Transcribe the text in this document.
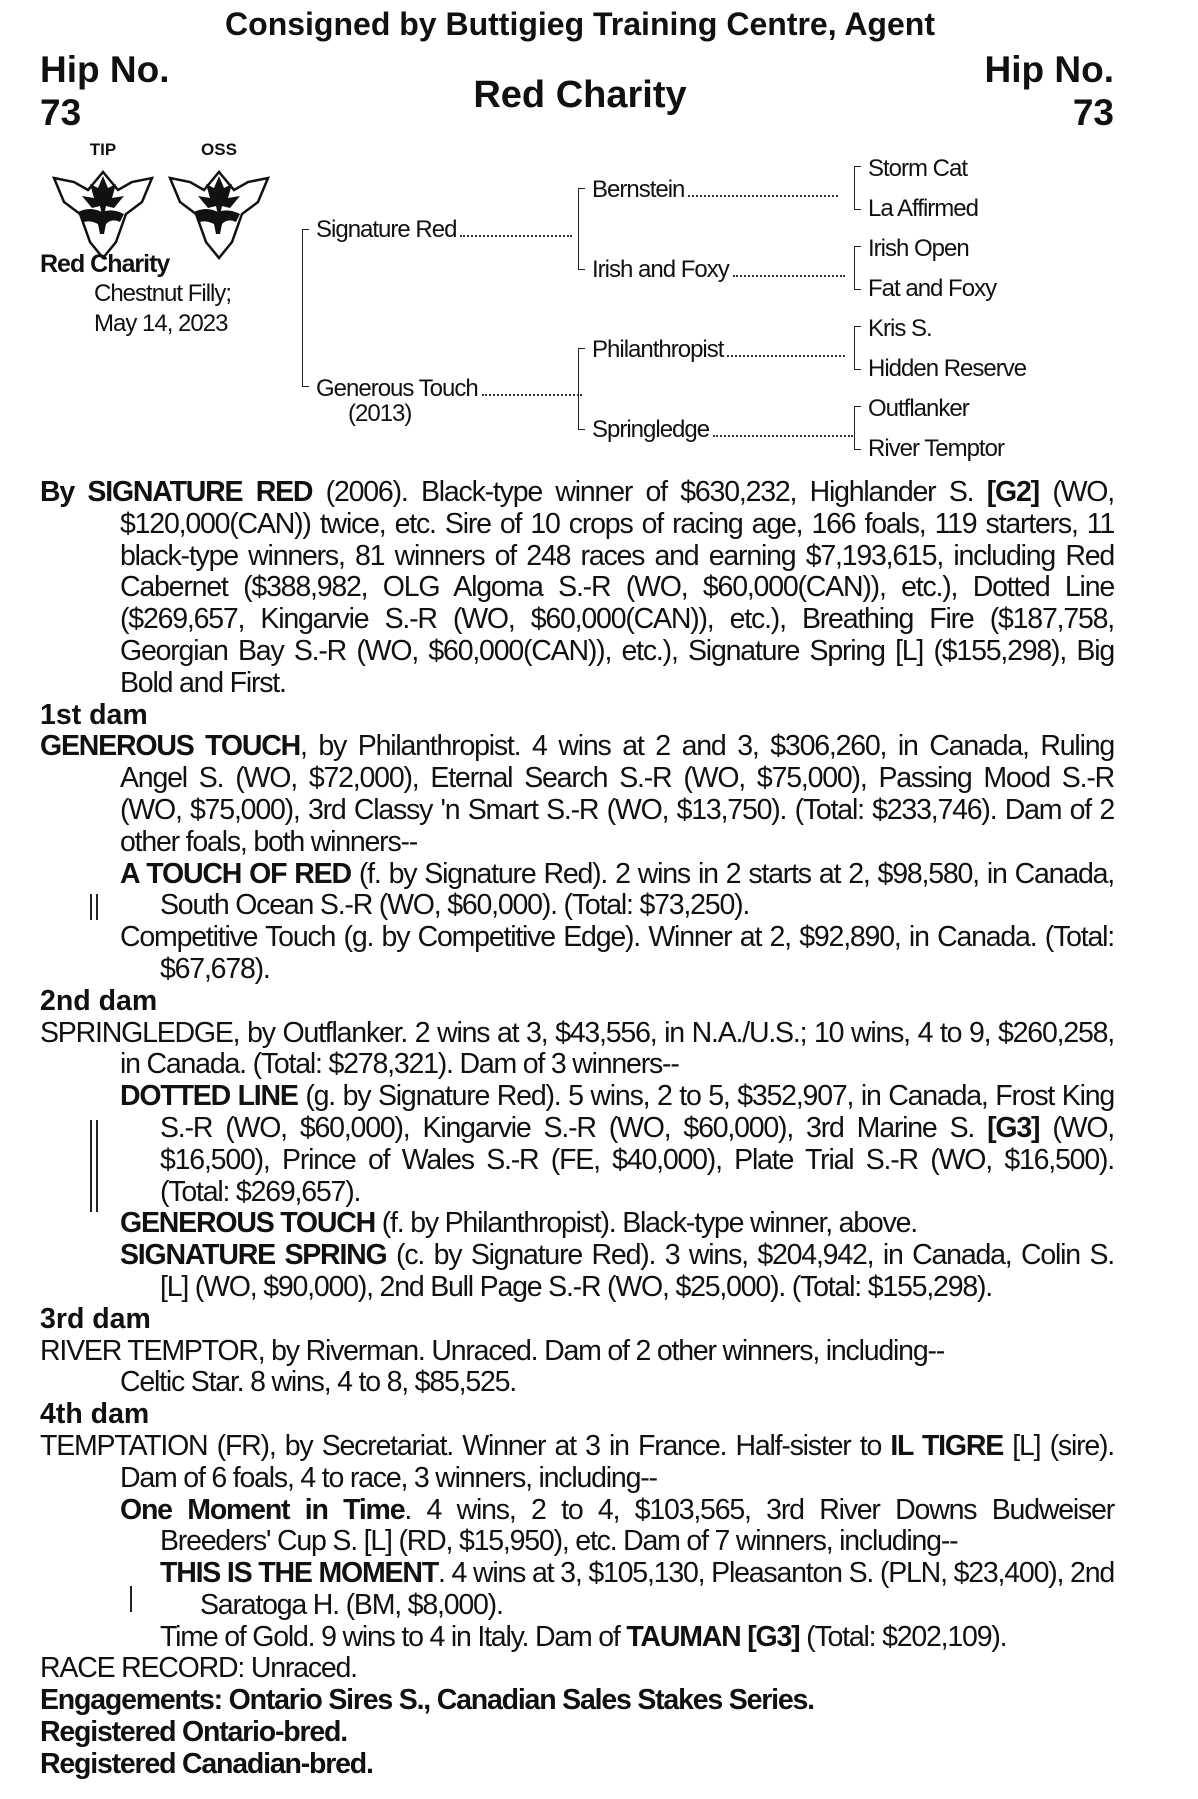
Consigned by Buttigieg Training Centre, Agent
Hip No.
73
Hip No.
73
Red Charity
TIP	OSS
Red Charity
Chestnut Filly;
May 14, 2023
Signature Red
Generous Touch
(2013)
Bernstein
Irish and Foxy
Philanthropist
Springledge
Storm Cat
La Affirmed
Irish Open
Fat and Foxy
Kris S.
Hidden Reserve
Outflanker
River Temptor
By SIGNATURE RED (2006). Black-type winner of $630,232, Highlander S. [G2] (WO, $120,000(CAN)) twice, etc. Sire of 10 crops of racing age, 166 foals, 119 starters, 11 black-type winners, 81 winners of 248 races and earning $7,193,615, including Red Cabernet ($388,982, OLG Algoma S.-R (WO, $60,000(CAN)), etc.), Dotted Line ($269,657, Kingarvie S.-R (WO, $60,000(CAN)), etc.), Breathing Fire ($187,758, Georgian Bay S.-R (WO, $60,000(CAN)), etc.), Signature Spring [L] ($155,298), Big Bold and First.
1st dam
GENEROUS TOUCH, by Philanthropist. 4 wins at 2 and 3, $306,260, in Canada, Ruling Angel S. (WO, $72,000), Eternal Search S.-R (WO, $75,000), Passing Mood S.-R (WO, $75,000), 3rd Classy 'n Smart S.-R (WO, $13,750). (Total: $233,746). Dam of 2 other foals, both winners--
A TOUCH OF RED (f. by Signature Red). 2 wins in 2 starts at 2, $98,580, in Canada, South Ocean S.-R (WO, $60,000). (Total: $73,250).
Competitive Touch (g. by Competitive Edge). Winner at 2, $92,890, in Canada. (Total: $67,678).
2nd dam
SPRINGLEDGE, by Outflanker. 2 wins at 3, $43,556, in N.A./U.S.; 10 wins, 4 to 9, $260,258, in Canada. (Total: $278,321). Dam of 3 winners--
DOTTED LINE (g. by Signature Red). 5 wins, 2 to 5, $352,907, in Canada, Frost King S.-R (WO, $60,000), Kingarvie S.-R (WO, $60,000), 3rd Marine S. [G3] (WO, $16,500), Prince of Wales S.-R (FE, $40,000), Plate Trial S.-R (WO, $16,500). (Total: $269,657).
GENEROUS TOUCH (f. by Philanthropist). Black-type winner, above.
SIGNATURE SPRING (c. by Signature Red). 3 wins, $204,942, in Canada, Colin S. [L] (WO, $90,000), 2nd Bull Page S.-R (WO, $25,000). (Total: $155,298).
3rd dam
RIVER TEMPTOR, by Riverman. Unraced. Dam of 2 other winners, including--
Celtic Star. 8 wins, 4 to 8, $85,525.
4th dam
TEMPTATION (FR), by Secretariat. Winner at 3 in France. Half-sister to IL TIGRE [L] (sire). Dam of 6 foals, 4 to race, 3 winners, including--
One Moment in Time. 4 wins, 2 to 4, $103,565, 3rd River Downs Budweiser Breeders' Cup S. [L] (RD, $15,950), etc. Dam of 7 winners, including--
THIS IS THE MOMENT. 4 wins at 3, $105,130, Pleasanton S. (PLN, $23,400), 2nd Saratoga H. (BM, $8,000).
Time of Gold. 9 wins to 4 in Italy. Dam of TAUMAN [G3] (Total: $202,109).
RACE RECORD: Unraced.
Engagements: Ontario Sires S., Canadian Sales Stakes Series.
Registered Ontario-bred.
Registered Canadian-bred.
